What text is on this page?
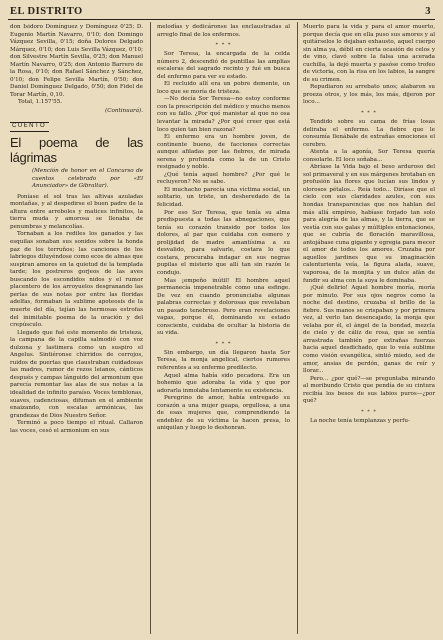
EL DISTRITO	3

don Isidoro Domínguez y Domínguez 0'25; D. Eugenio Martín Navarro, 0'10; don Domingo Vázquez Sevilla, 0'15; doña Dolores Delgado Márquez, 0'10; don Luis Sevilla Vázquez, 0'10; don Silvestre Martín Sevilla, 0'25; don Manuel Martín Navarro, 0'25; don Antonio Barrero de la Rosa, 0'10; don Rafael Sánchez y Sánchez, 0'10; don Felipe Sevilla Martín, 0'50; don Daniel Domínguez Delgado, 0'50; don Fidel de Torar Martín, 0,10.

Total, 1.157'55.

(Continuará).
CUENTO
El poema de las lágrimas

(Mención de honor en el Concurso de cuentos celebrado por «El Anunciador» de Gibraltar).

Poníase el sol tras las altivas azuladas montañas, y al despedirse el buen padre de la altura entre arreboles y matices infinitos, la tierra muda y amorosa se llenaba de penumbras y melancolías.

Tornaban a los rediles los ganados y las esquilas sonaban sus sonidos sobre la honda paz de los terruños; las canciones de los labriegos diluyéndose como ecos de almas que suspiran amores en la quietud de la templada tarde; los postreros gorjeos de las aves buscando los escondidos nidos y el rumor placentero de los arroyuelos desgranando las perlas de sus notas por entre las floridas adelfas, formaban la sublime apoteosis de la muerte del día, tejían las hermosas estrofas del inimitable poema de la oración y del crepúsculo.

Llegado que fué este momento de tristeza, la campana de la capilla salmodió con voz dulzona y lastimera como un suspiro el Angelus. Sintiéronse chirridos de cerrojos, ruidos de puertas que claustraban cuidadosas las madres, rumor de rezos leianos, cánticos después y campas lánguido del armonium que parecía remontar las alas de sus notas a la idealidad de infinito paraíso. Voces temblonas, suaves, cadenciosas, difuman en el ambiente enaizando, con escalas armónicas, las grandezas de Dios Nuestro Señor.

Terminó a poco tiempo el ritual. Callaron las voces, cesó el armonium en sus

melodías y dedicáronse las enclaustradas al arreglo final de los enfermos.

* * *

Sor Teresa, la encargada de la celda número 2, descendió de puntillas las amplias escaleras del sagrado recinto y fué en busca del enfermo para ver su estado.

El recluido allí era un pobre demente, un loco que se moría de tristeza.

—No decía Sor Teresa—no estoy conforme con la prescripción del médico y mucho menos con su fallo. ¿Por qué manistar al que no osa levantar la mirada? ¿Por qué creer que está loco quien tan bien razona?

El enfermo era un hombre joven, de continente bueno, de facciones correctas aunque afiladas por las fiebres, de mirada serena y profunda como la de un Cristo resignado y noble.

¿Qué tenía aquel hombre? ¿Por qué le recluyeron? No se sabe.

El muchacho parecía una víctima social, un solitario, un triste, un desheredado de la felicidad.

Por eso Sor Teresa, que tenía su alma predispuesta a todas las abnegaciones, que tenía su corazón transido por todos los dolores, al par que cuidaba con esmero y prolijidad de madre amantísima a su desvalido, para salvarle, costara lo que costara, procuraba indagar en sus negras pupilas el misterio que allí tan sin razón le condujo.

Mas ¡empeño inútil! El hombre aquel permanecía impenetrable como una esfinge. De vez en cuando pronunciaba algunas palabras correctas y dolorosas que revelaban un pasado tenebroso. Pero eran revelaciones vagas, porque él, dominando su estado consciente, cuidaba de ocultar la historia de su vida.

* * *

Sin embargo, un día llegaron hasta Sor Teresa, la monja angelical, ciertos rumores referentes a su enfermo predilecto.

Aquel alma había sido pecadora. Era un bohemio que adoraba la vida y que por adorarla inmolaba lentamente su existencia.

Peregrino de amor, había entregado su corazón a una mujer guapa, orgullosa, a una de esas mujeres que, comprendiendo la endeblez de su víctima la hacen presa, lo aniquilan y luego lo deshonran.

Muerto para la vida y para el amor muerto, porque decía que en ella puso sus amores y al quitárselos lo dejaban exhausto, aquel cuerpo sin alma ya, débil en cierta ocasión de celos y de vino, clavó sobre la falsa una acerada cuchilla, la dejó muerta y pasóse como trofeo de victoria, con la risa en los labios, la sangre de su crimen.

Repudiaron su arrebato unos; alabaron su proeza otros, y los más, los más, dijeron por loco...

* * *

Tendido sobre su cama de frías losas deliraba el enfermo. La fiebre que le consumía llenábale de extrañas emociones el cerebro.

Atenta a la agonía, Sor Teresa quería consolarle. El loco soñaba...

Abríase la Vida bajo el beso arduroso del sol primaveral y en sus márgenes brotaban en profusión las flores que lucían sus lindos y olorosos pétalos... Reía todo... Diríase que el cielo con sus claridades azules, con sus hondas transparencias que nos hablan del más allá empíreo, habíase forjado tan solo para alegría de las almas, y la tierra, que se vestía con sus galas y múltiples entonaciones, que se cubría de floración maravillosa, antojábase cuna gigante y egregia para mecer el amor de todos los amores. Cruzaba por aquellos jardines que su imaginación calenturienta veía, la figura alada, suave, vaporosa, de la monjita y un dulce afán de fundir su alma con la suya le dominaba.

¡Qué delirio! Aquel hombre moría, moría por minuto. Por sus ojos negros como la noche del destino, cruzaba el brillo de la fiebre. Sus manos se crispaban y por primera vez, al verlo tan desencajado, la monja que velaba por él, el ángel de la bondad, mezcla de cielo y de cáliz de rosa, que se sentía arrastrada también por extrañas fuerzas hacia aquel desdichado, que lo veía sublime como visión evangélica, sintió miedo, sed de amor, ansias de perdón, ganas de reír y llorar...

Pero... ¿por qué?—se preguntaba mirando al moribundo Cristo que pendía de su cintura recibía los besos de sus labios puros—¿por qué?

* * *

La noche tenía templanzas y perfu-
